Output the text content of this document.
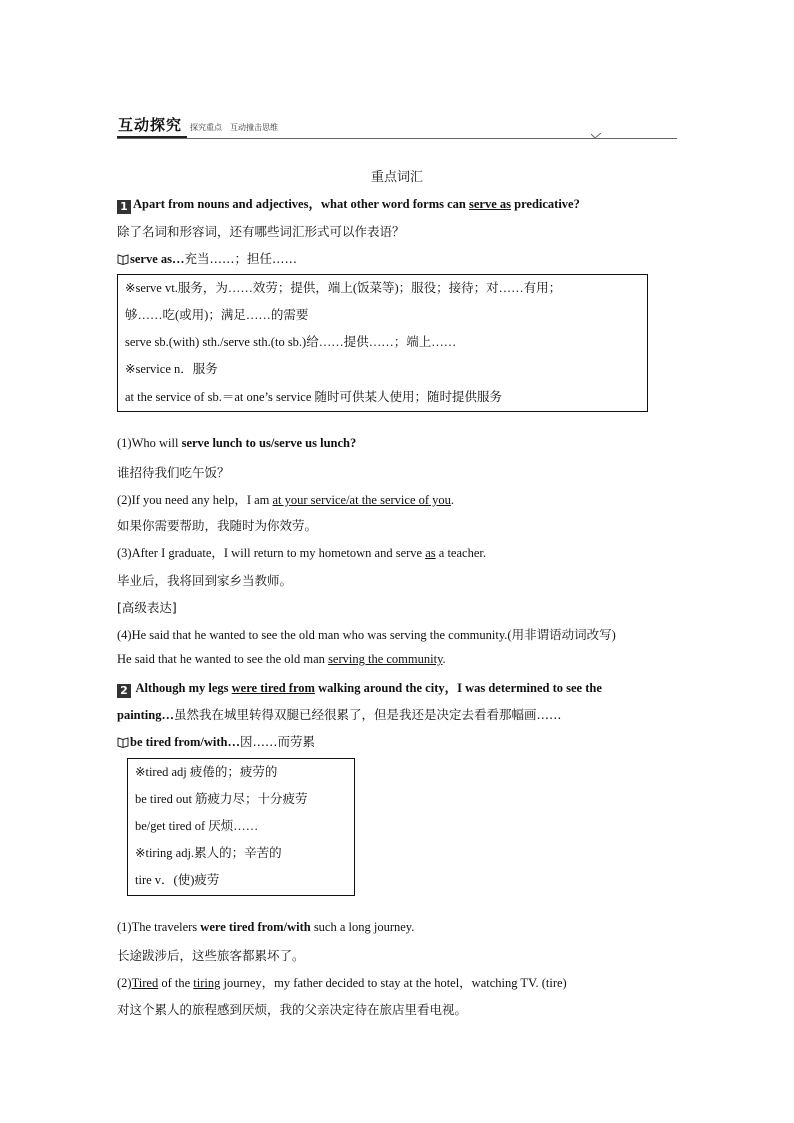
互动探究 探究重点　互动撞击思维
重点词汇
1 Apart from nouns and adjectives，what other word forms can serve as predicative?
除了名词和形容词，还有哪些词汇形式可以作表语？
serve as…充当……；担任……
※serve vt.服务，为……效劳；提供，端上(饭菜等)；服役；接待；对……有用；
够……吃(或用)；满足……的需要
serve sb.(with) sth./serve sth.(to sb.)给……提供……；端上……
※service n．服务
at the service of sb.＝at one’s service 随时可供某人使用；随时提供服务
(1)Who will serve lunch to us/serve us lunch?
谁招待我们吃午饭？
(2)If you need any help，I am at your service/at the service of you.
如果你需要帮助，我随时为你效劳。
(3)After I graduate，I will return to my hometown and serve as a teacher.
毕业后，我将回到家乡当教师。
[高级表达]
(4)He said that he wanted to see the old man who was serving the community.(用非谓语动词改写)
He said that he wanted to see the old man serving the community.
2 Although my legs were tired from walking around the city，I was determined to see the
painting…虽然我在城里转得双腿已经很累了，但是我还是决定去看看那幅画……
be tired from/with…因……而劳累
※tired adj 疲倦的；疲劳的
be tired out 筋疲力尽；十分疲劳
be/get tired of 厌烦……
※tiring adj.累人的；辛苦的
tire v．(使)疲劳
(1)The travelers were tired from/with such a long journey.
长途跋涉后，这些旅客都累坏了。
(2)Tired of the tiring journey，my father decided to stay at the hotel，watching TV. (tire)
对这个累人的旅程感到厌烦，我的父亲决定待在旅店里看电视。
